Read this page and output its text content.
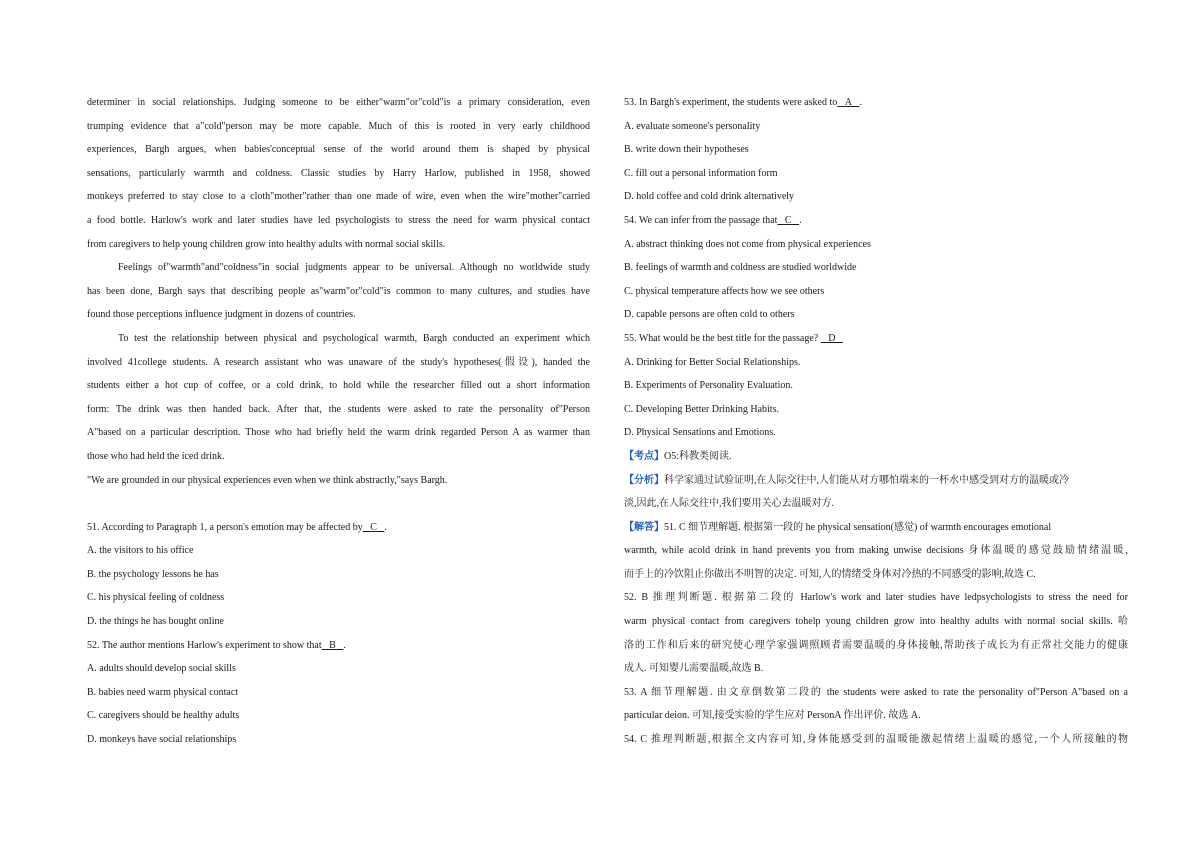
determiner in social relationships. Judging someone to be either"warm"or"cold"is a primary consideration, even
trumping evidence that a"cold"person may be more capable. Much of this is rooted in very early childhood
experiences, Bargh argues, when babies'conceptual sense of the world around them is shaped by physical
sensations, particularly warmth and coldness. Classic studies by Harry Harlow, published in 1958, showed
monkeys preferred to stay close to a cloth"mother"rather than one made of wire, even when the wire"mother"carried
a food bottle. Harlow's work and later studies have led psychologists to stress the need for warm physical contact
from caregivers to help young children grow into healthy adults with normal social skills.
Feelings of"warmth"and"coldness"in social judgments appear to be universal. Although no worldwide study
has been done, Bargh says that describing people as"warm"or"cold"is common to many cultures, and studies have
found those perceptions influence judgment in dozens of countries.
To test the relationship between physical and psychological warmth, Bargh conducted an experiment which
involved 41college students. A research assistant who was unaware of the study's hypotheses(假设), handed the
students either a hot cup of coffee, or a cold drink, to hold while the researcher filled out a short information
form: The drink was then handed back. After that, the students were asked to rate the personality of"Person
A"based on a particular description. Those who had briefly held the warm drink regarded Person A as warmer than
those who had held the iced drink.
"We are grounded in our physical experiences even when we think abstractly,"says Bargh.
51. According to Paragraph 1, a person's emotion may be affected by C .
A. the visitors to his office
B. the psychology lessons he has
C. his physical feeling of coldness
D. the things he has bought online
52. The author mentions Harlow's experiment to show that B .
A. adults should develop social skills
B. babies need warm physical contact
C. caregivers should be healthy adults
D. monkeys have social relationships
53. In Bargh's experiment, the students were asked to A .
A. evaluate someone's personality
B. write down their hypotheses
C. fill out a personal information form
D. hold coffee and cold drink alternatively
54. We can infer from the passage that C .
A. abstract thinking does not come from physical experiences
B. feelings of warmth and coldness are studied worldwide
C. physical temperature affects how we see others
D. capable persons are often cold to others
55. What would be the best title for the passage? D
A. Drinking for Better Social Relationships.
B. Experiments of Personality Evaluation.
C. Developing Better Drinking Habits.
D. Physical Sensations and Emotions.
【考点】O5:科教类阅读.
【分析】科学家通过试验证明,在人际交往中,人们能从对方哪怕端来的一杯水中感受到对方的温暖或冷
淡,因此,在人际交往中,我们要用关心去温暖对方.
【解答】51. C 细节理解题. 根据第一段的 he physical sensation(感觉) of warmth encourages emotional
warmth, while acold drink in hand prevents you from making unwise decisions 身体温暖的感觉鼓励情绪温暖,
而手上的冷饮阻止你做出不明智的决定. 可知,人的情绪受身体对冷热的不同感受的影响,故选 C.
52. B 推理判断题. 根据第二段的 Harlow's work and later studies have ledpsychologists to stress the need for
warm physical contact from caregivers tohelp young children grow into healthy adults with normal social skills. 哈
洛的工作和后来的研究使心理学家强调照顾者需要温暖的身体接触,帮助孩子成长为有正常社交能力的健康
成人. 可知婴儿需要温暖,故选 B.
53. A 细节理解题. 由文章倒数第二段的 the students were asked to rate the personality of"Person A"based on a
particular deion. 可知,接受实验的学生应对 PersonA 作出评价. 故选 A.
54. C 推理判断题,根据全文内容可知,身体能感受到的温暖能激起情绪上温暖的感觉,一个人所接触的物
